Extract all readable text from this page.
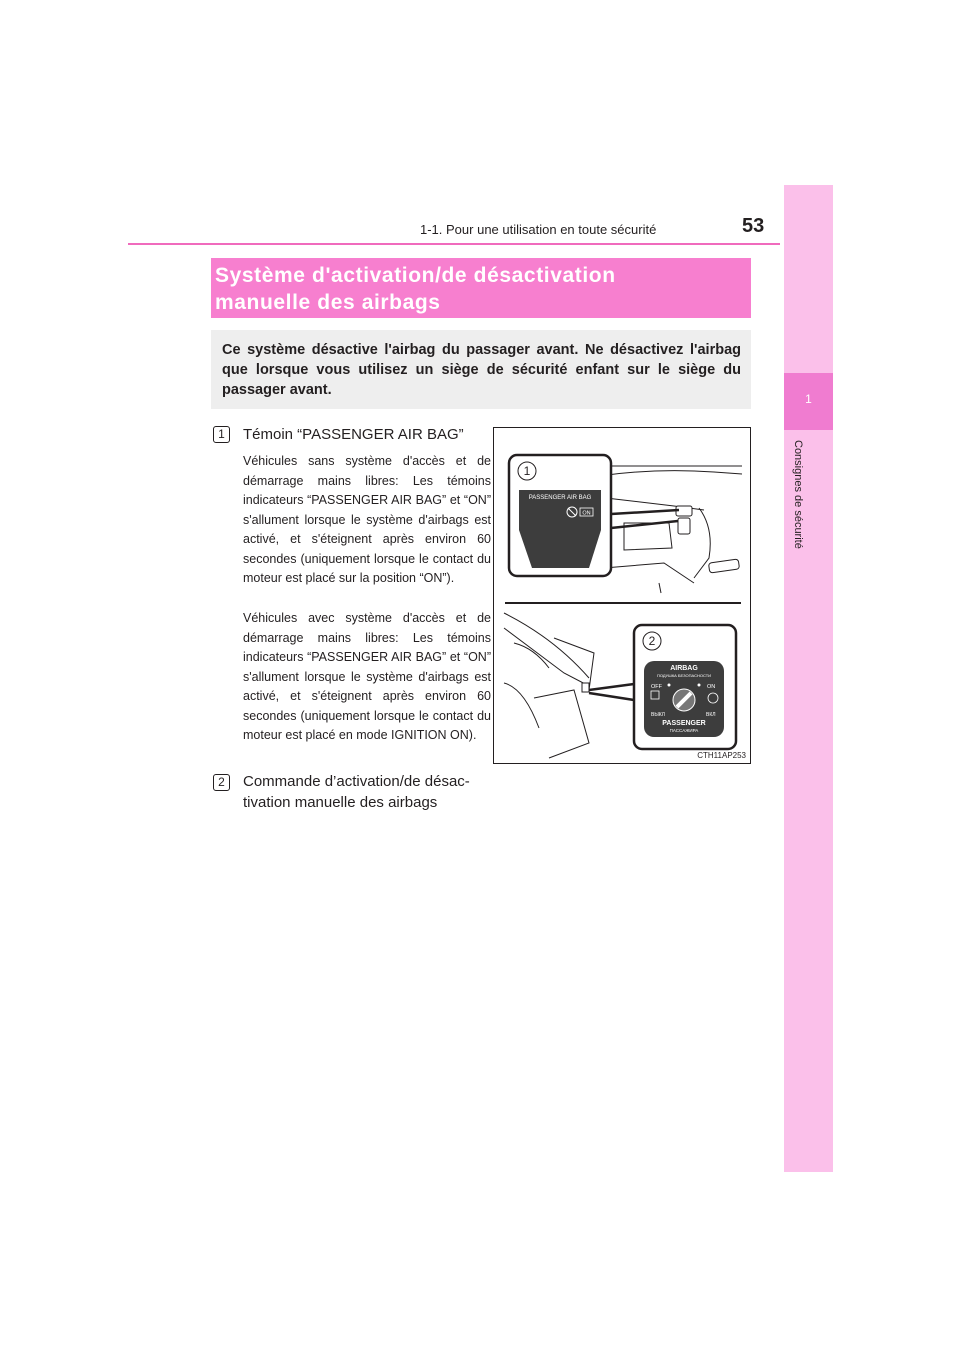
1-1. Pour une utilisation en toute sécurité	53
1
Consignes de sécurité
Système d'activation/de désactivation
manuelle des airbags
Ce système désactive l'airbag du passager avant. Ne désactivez l'airbag que lorsque vous utilisez un siège de sécurité enfant sur le siège du passager avant.
1	Témoin “PASSENGER AIR BAG”
Véhicules sans système d'accès et de démarrage mains libres: Les témoins indicateurs “PASSENGER AIR BAG” et “ON” s'allument lorsque le système d'airbags est activé, et s'éteignent après environ 60 secondes (uniquement lorsque le contact du moteur est placé sur la position “ON”).
Véhicules avec système d'accès et de démarrage mains libres: Les témoins indicateurs “PASSENGER AIR BAG” et “ON” s'allument lorsque le système d'airbags est activé, et s'éteignent après environ 60 secondes (uniquement lorsque le contact du moteur est placé en mode IGNITION ON).
2	Commande d’activation/de désac-
tivation manuelle des airbags
1
PASSENGER AIR BAG
ON
2
AIRBAG
ПОДУШКА БЕЗОПАСНОСТИ
OFF	ON
ВЫКЛ	ВКЛ
PASSENGER
ПАССАЖИРА
CTH11AP253
